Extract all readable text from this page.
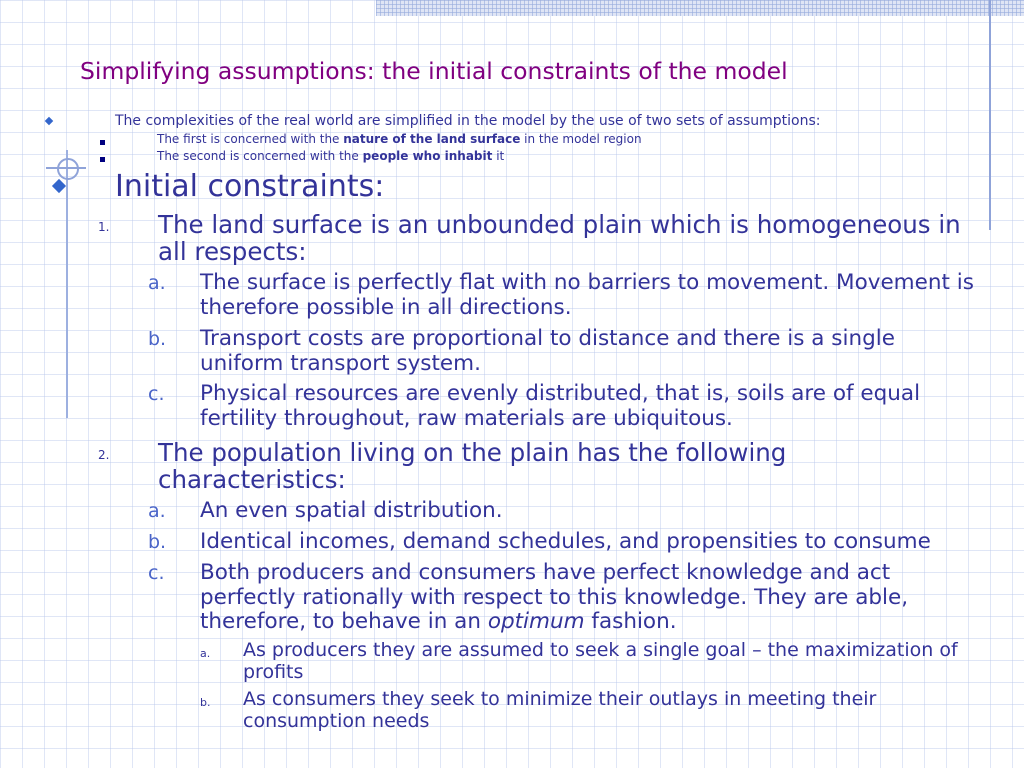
Simplifying assumptions: the initial constraints of the model

The complexities of the real world are simplified in the model by the use of two sets of assumptions:

The first is concerned with the nature of the land surface in the model region

The second is concerned with the people who inhabit it

Initial constraints:

1. The land surface is an unbounded plain which is homogeneous in all respects:

a. The surface is perfectly flat with no barriers to movement. Movement is therefore possible in all directions.

b. Transport costs are proportional to distance and there is a single uniform transport system.

c. Physical resources are evenly distributed, that is, soils are of equal fertility throughout, raw materials are ubiquitous.

2. The population living on the plain has the following characteristics:

a. An even spatial distribution.

b. Identical incomes, demand schedules, and propensities to consume

c. Both producers and consumers have perfect knowledge and act perfectly rationally with respect to this knowledge. They are able, therefore, to behave in an optimum fashion.

a. As producers they are assumed to seek a single goal – the maximization of profits

b. As consumers they seek to minimize their outlays in meeting their consumption needs
